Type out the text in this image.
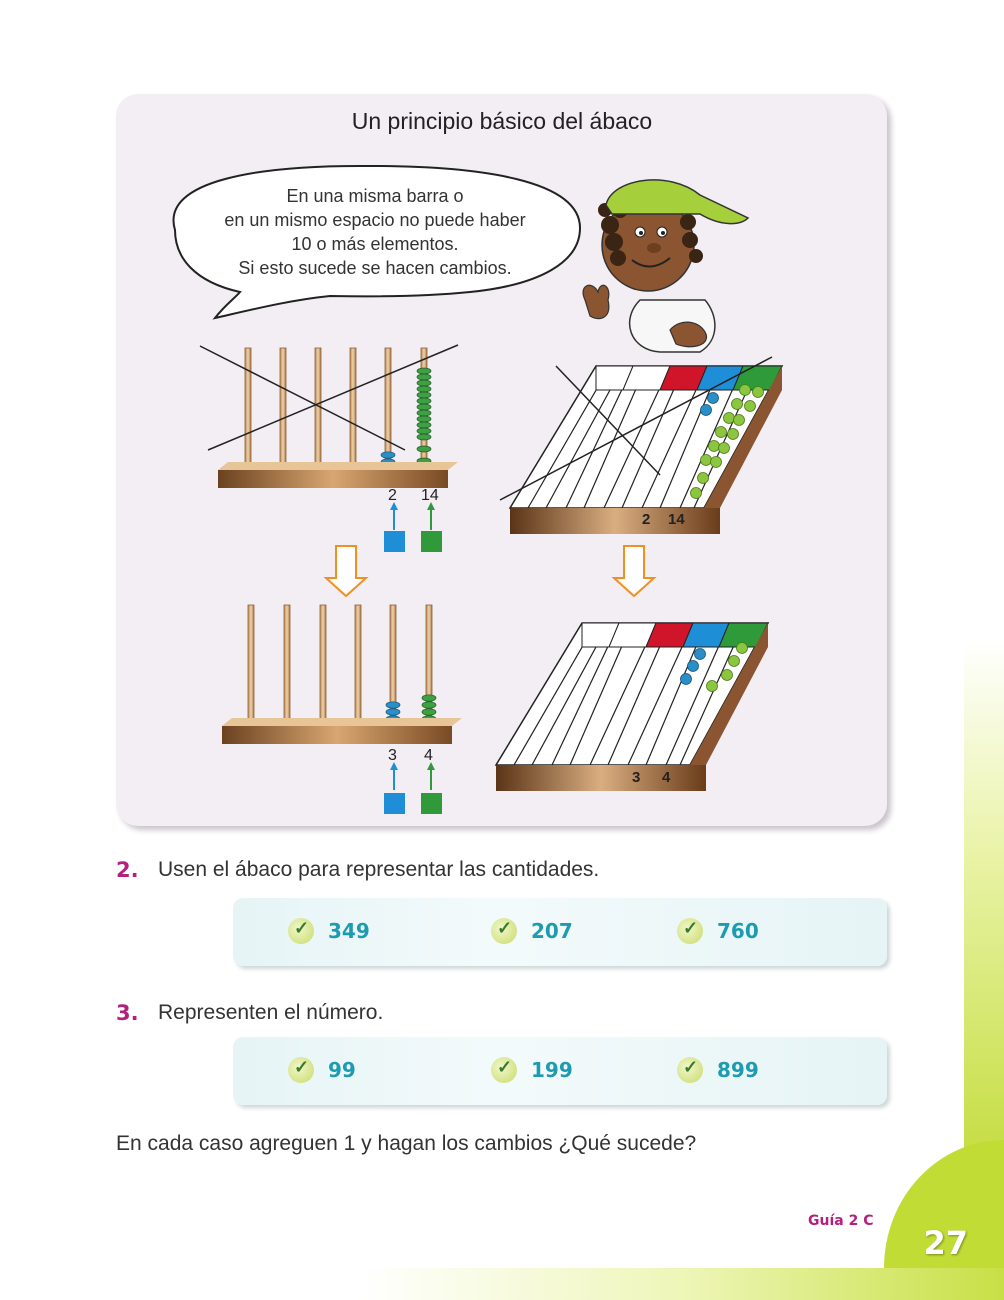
27
Guía 2 C
Un principio básico del ábaco
En una misma barra o
en un mismo espacio no puede haber
10 o más elementos.
Si esto sucede se hacen cambios.
2 14
2 14
3 4
3 4
2. Usen el ábaco para representar las cantidades.
✓
349 ✓	207 ✓	760
3. Representen el número.
✓
99 ✓	199 ✓	899
En cada caso agreguen 1 y hagan los cambios ¿Qué sucede?
